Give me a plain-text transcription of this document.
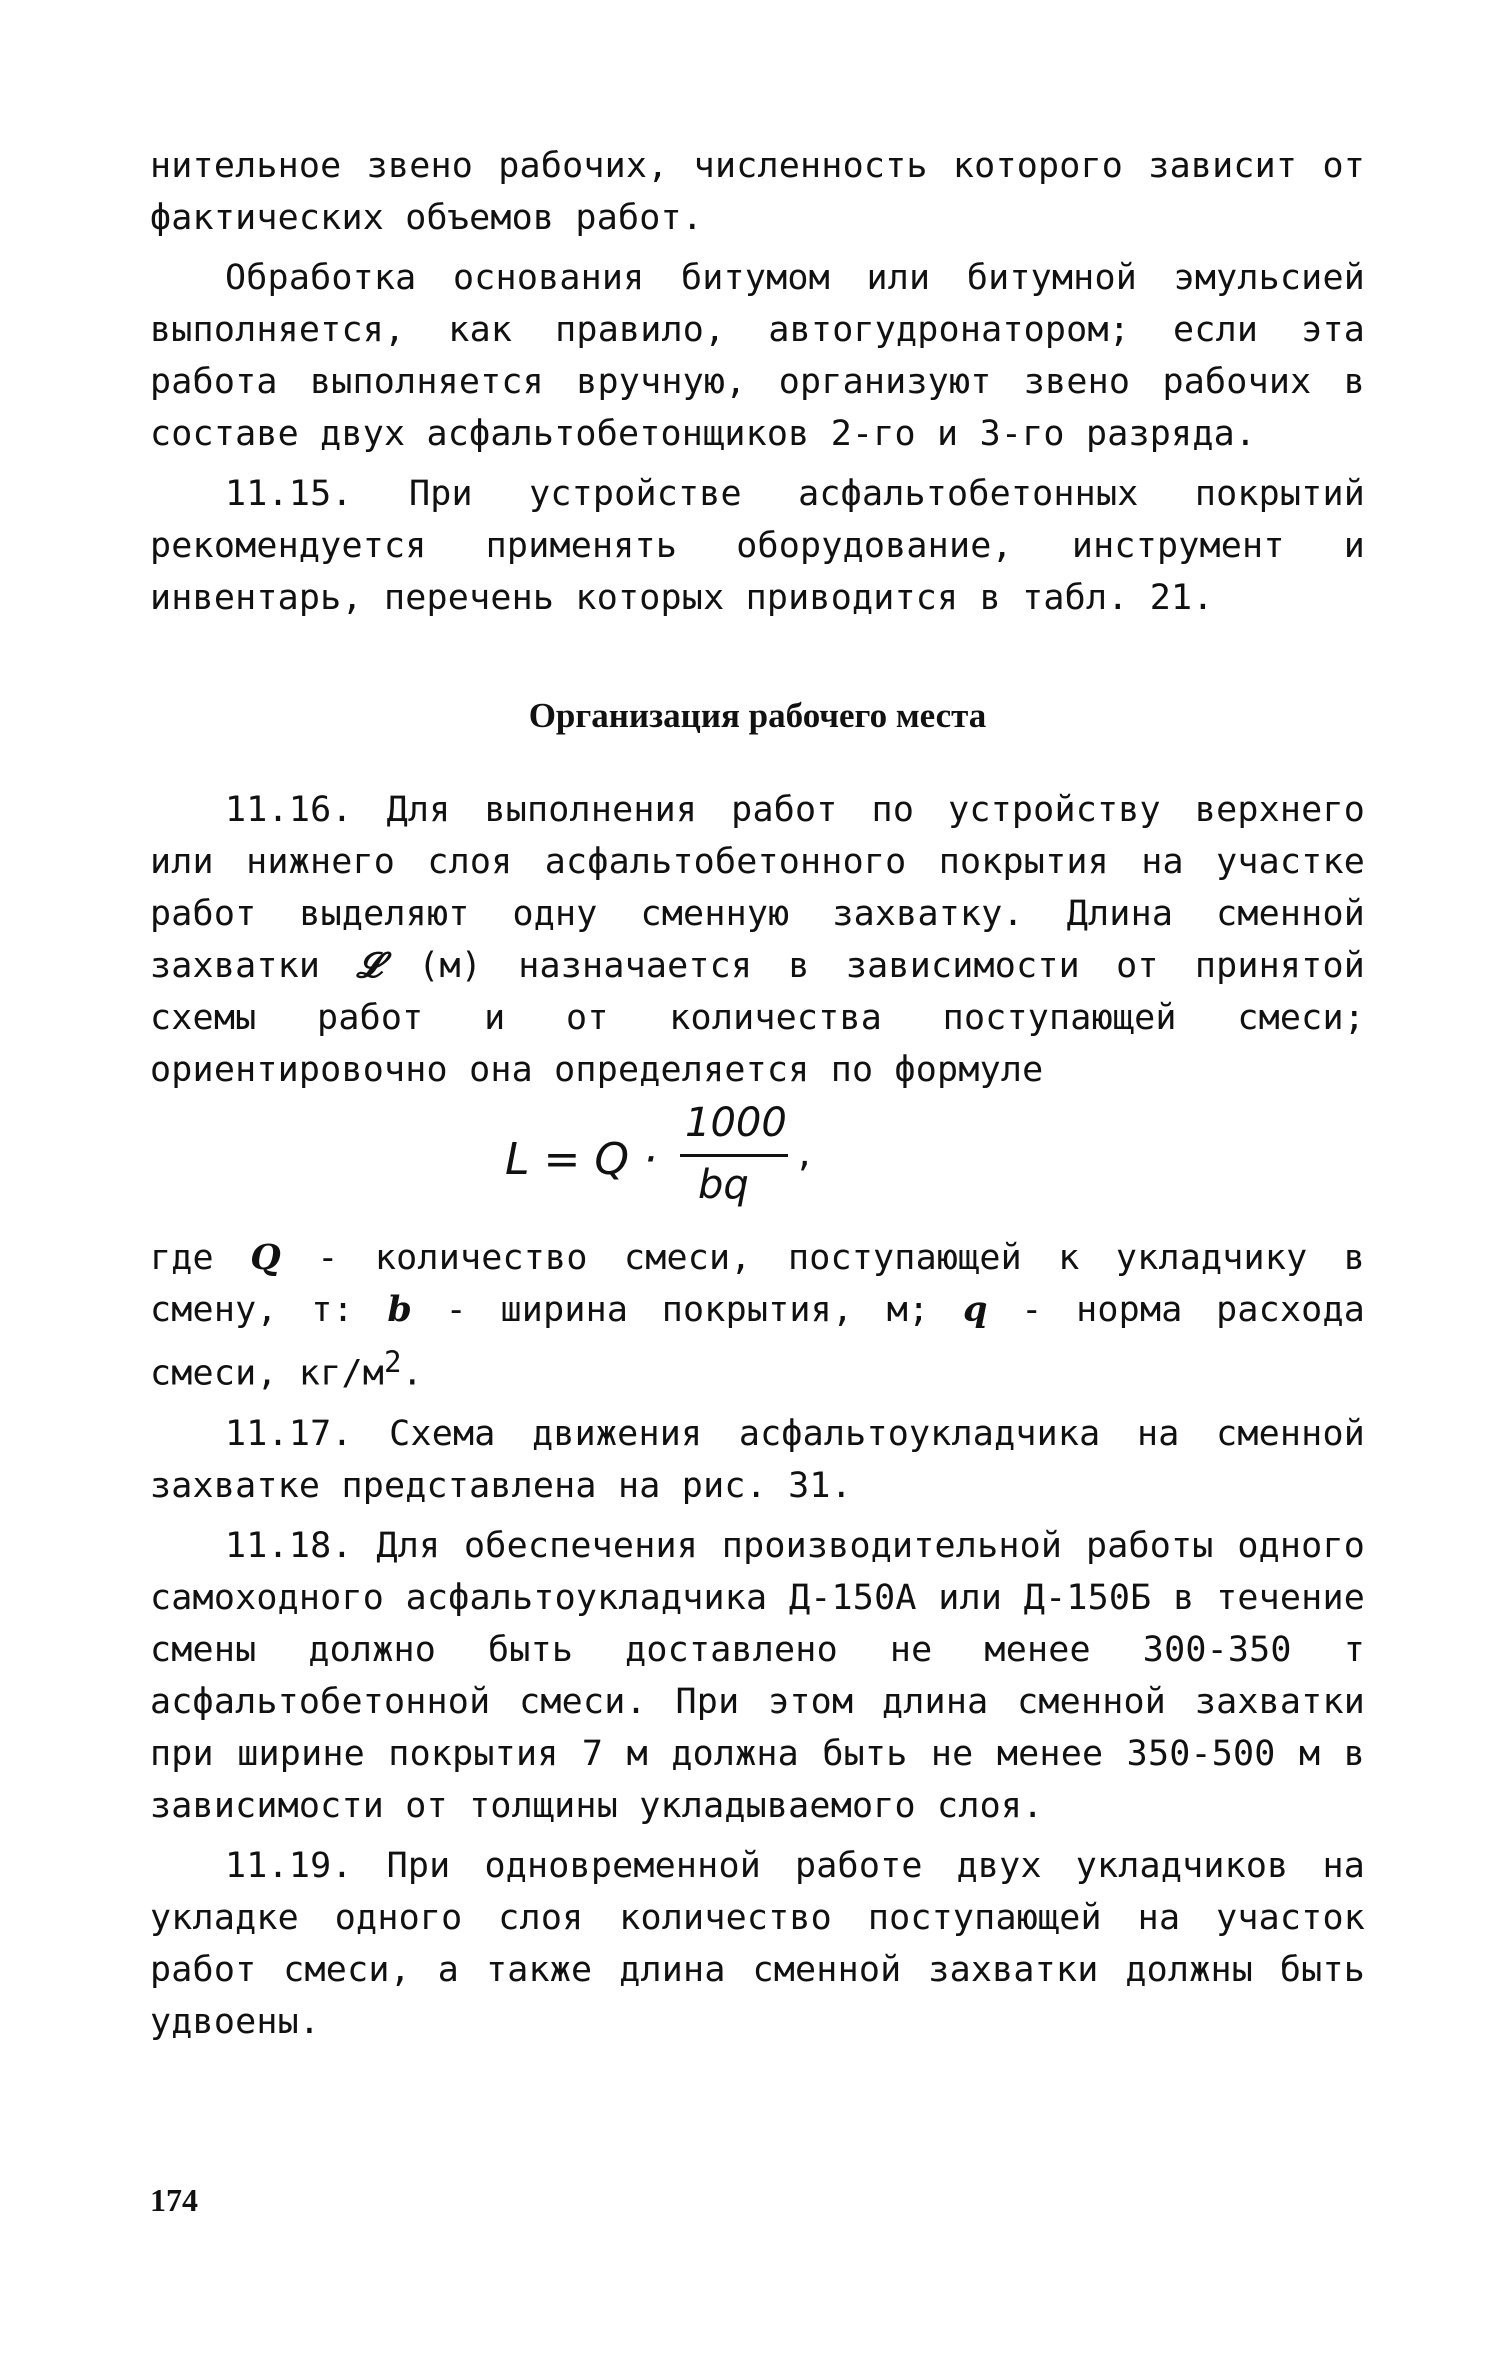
нительное звено рабочих, численность которого зависит от фактических объемов работ.

Обработка основания битумом или битумной эмульсией выполняется, как правило, автогудронатором; если эта работа выполняется вручную, организуют звено рабочих в составе двух асфальтобетонщиков 2-го и 3-го разряда.

11.15. При устройстве асфальтобетонных покрытий рекомендуется применять оборудование, инструмент и инвентарь, перечень которых приводится в табл. 21.

Организация рабочего места

11.16. Для выполнения работ по устройству верхнего или нижнего слоя асфальтобетонного покрытия на участке работ выделяют одну сменную захватку. Длина сменной захватки 𝓛 (м) назначается в зависимости от принятой схемы работ и от количества поступающей смеси; ориентировочно она определяется по формуле

L = Q ·
1000
bq
,

где Q - количество смеси, поступающей к укладчику в смену, т: b - ширина покрытия, м; q - норма расхода смеси, $кг/м^2$.

11.17. Схема движения асфальтоукладчика на сменной захватке представлена на рис. 31.

11.18. Для обеспечения производительной работы одного самоходного асфальтоукладчика Д-150А или Д-150Б в течение смены должно быть доставлено не менее 300-350 т асфальтобетонной смеси. При этом длина сменной захватки при ширине покрытия 7 м должна быть не менее 350-500 м в зависимости от толщины укладываемого слоя.

11.19. При одновременной работе двух укладчиков на укладке одного слоя количество поступающей на участок работ смеси, а также длина сменной захватки должны быть удвоены.

174
